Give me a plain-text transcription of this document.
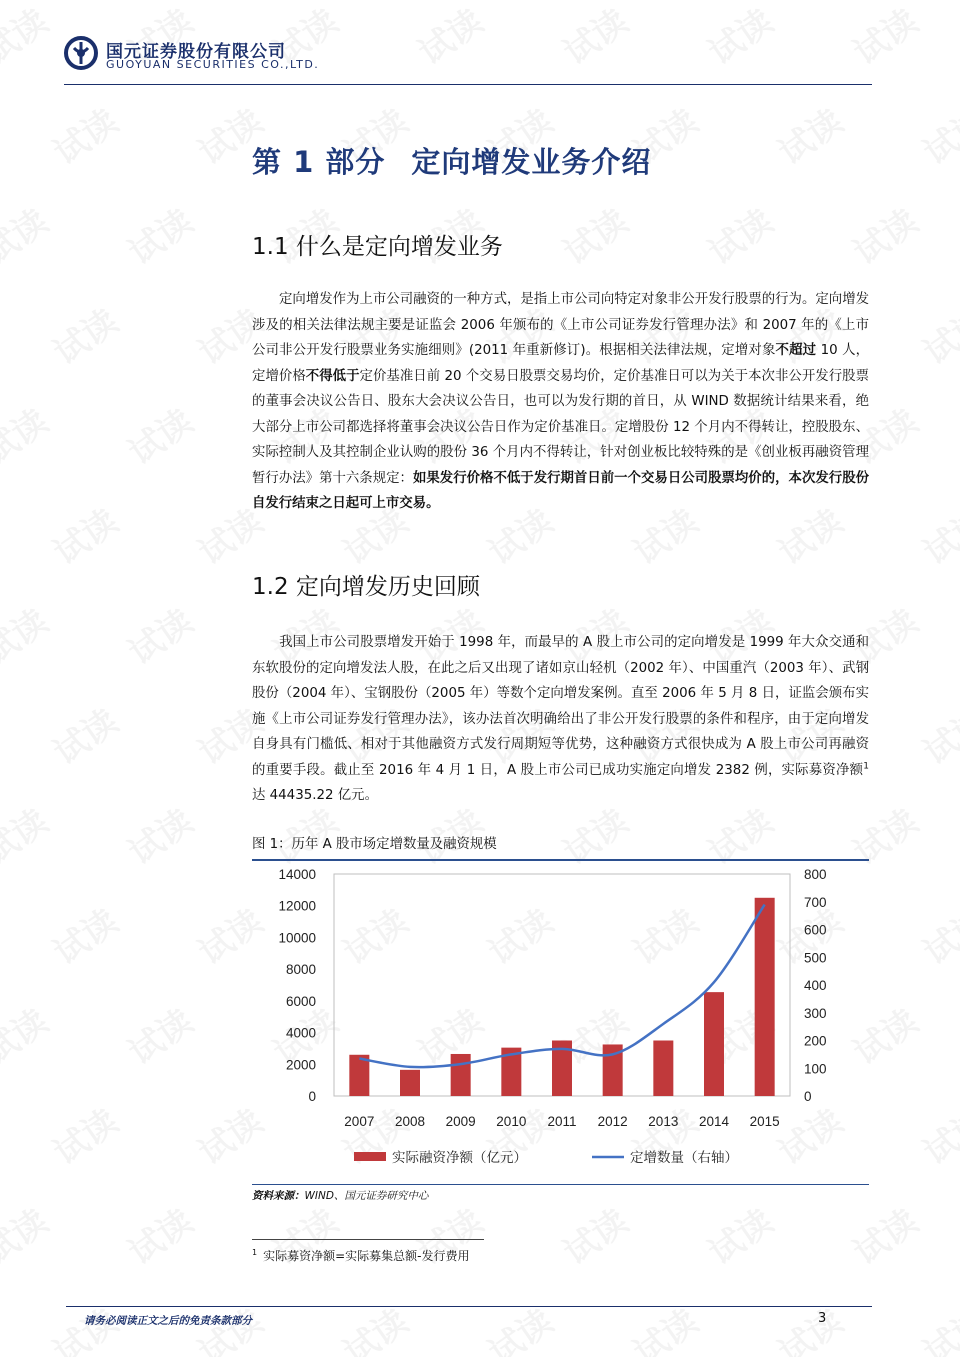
国元证券股份有限公司
GUOYUAN SECURITIES CO.,LTD.
第 1 部分 定向增发业务介绍
1.1 什么是定向增发业务
定向增发作为上市公司融资的一种方式，是指上市公司向特定对象非公开发行股票的行为。定向增发涉及的相关法律法规主要是证监会 2006 年颁布的《上市公司证券发行管理办法》和 2007 年的《上市公司非公开发行股票业务实施细则》(2011 年重新修订)。根据相关法律法规，定增对象不超过 10 人，定增价格不得低于定价基准日前 20 个交易日股票交易均价，定价基准日可以为关于本次非公开发行股票的董事会决议公告日、股东大会决议公告日，也可以为发行期的首日，从 WIND 数据统计结果来看，绝大部分上市公司都选择将董事会决议公告日作为定价基准日。定增股份 12 个月内不得转让，控股股东、实际控制人及其控制企业认购的股份 36 个月内不得转让，针对创业板比较特殊的是《创业板再融资管理暂行办法》第十六条规定：如果发行价格不低于发行期首日前一个交易日公司股票均价的，本次发行股份自发行结束之日起可上市交易。
1.2 定向增发历史回顾
我国上市公司股票增发开始于 1998 年，而最早的 A 股上市公司的定向增发是 1999 年大众交通和东软股份的定向增发法人股，在此之后又出现了诸如京山轻机（2002 年）、中国重汽（2003 年）、武钢股份（2004 年）、宝钢股份（2005 年）等数个定向增发案例。直至 2006 年 5 月 8 日，证监会颁布实施《上市公司证券发行管理办法》，该办法首次明确给出了非公开发行股票的条件和程序，由于定向增发自身具有门槛低、相对于其他融资方式发行周期短等优势，这种融资方式很快成为 A 股上市公司再融资的重要手段。截止至 2016 年 4 月 1 日，A 股上市公司已成功实施定向增发 2382 例，实际募资净额$^1$达 44435.22 亿元。
图 1：历年 A 股市场定增数量及融资规模
0
2000
4000
6000
8000
10000
12000
14000
0
100
200
300
400
500
600
700
800
2007 2008 2009 2010 2011 2012 2013 2014 2015
实际融资净额（亿元）	定增数量（右轴）
资料来源：WIND、国元证券研究中心
$^1$ 实际募资净额=实际募集总额-发行费用
请务必阅读正文之后的免责条款部分	3
